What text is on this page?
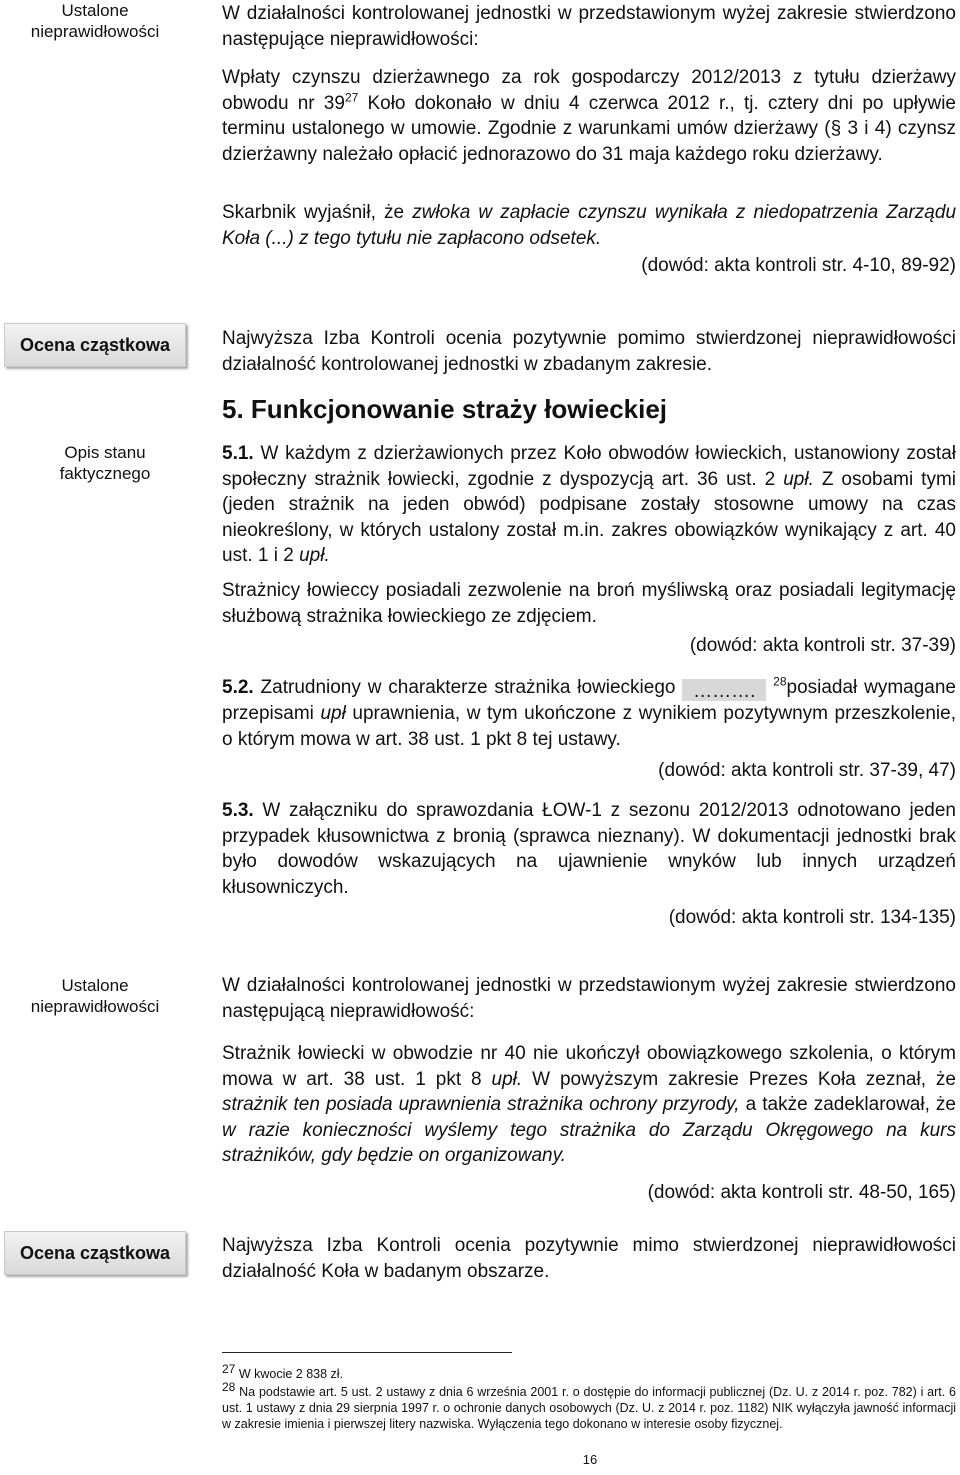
Ustalone nieprawidłowości
Ocena cząstkowa
Opis stanu faktycznego
Ustalone nieprawidłowości
Ocena cząstkowa

W działalności kontrolowanej jednostki w przedstawionym wyżej zakresie stwierdzono następujące nieprawidłowości:

Wpłaty czynszu dzierżawnego za rok gospodarczy 2012/2013 z tytułu dzierżawy obwodu nr $39^{27}$ Koło dokonało w dniu 4 czerwca 2012 r., tj. cztery dni po upływie terminu ustalonego w umowie. Zgodnie z warunkami umów dzierżawy (§ 3 i 4) czynsz dzierżawny należało opłacić jednorazowo do 31 maja każdego roku dzierżawy.

Skarbnik wyjaśnił, że zwłoka w zapłacie czynszu wynikała z niedopatrzenia Zarządu Koła (...) z tego tytułu nie zapłacono odsetek.

(dowód: akta kontroli str. 4-10, 89-92)

Najwyższa Izba Kontroli ocenia pozytywnie pomimo stwierdzonej nieprawidłowości działalność kontrolowanej jednostki w zbadanym zakresie.

5. Funkcjonowanie straży łowieckiej

5.1. W każdym z dzierżawionych przez Koło obwodów łowieckich, ustanowiony został społeczny strażnik łowiecki, zgodnie z dyspozycją art. 36 ust. 2 upł. Z osobami tymi (jeden strażnik na jeden obwód) podpisane zostały stosowne umowy na czas nieokreślony, w których ustalony został m.in. zakres obowiązków wynikający z art. 40 ust. 1 i 2 upł.

Strażnicy łowieccy posiadali zezwolenie na broń myśliwską oraz posiadali legitymację służbową strażnika łowieckiego ze zdjęciem.

(dowód: akta kontroli str. 37-39)

5.2. Zatrudniony w charakterze strażnika łowieckiego ………. $^{28}$posiadał wymagane przepisami upł uprawnienia, w tym ukończone z wynikiem pozytywnym przeszkolenie, o którym mowa w art. 38 ust. 1 pkt 8 tej ustawy.

(dowód: akta kontroli str. 37-39, 47)

5.3. W załączniku do sprawozdania ŁOW-1 z sezonu 2012/2013 odnotowano jeden przypadek kłusownictwa z bronią (sprawca nieznany). W dokumentacji jednostki brak było dowodów wskazujących na ujawnienie wnyków lub innych urządzeń kłusowniczych.

(dowód: akta kontroli str. 134-135)

W działalności kontrolowanej jednostki w przedstawionym wyżej zakresie stwierdzono następującą nieprawidłowość:

Strażnik łowiecki w obwodzie nr 40 nie ukończył obowiązkowego szkolenia, o którym mowa w art. 38 ust. 1 pkt 8 upł. W powyższym zakresie Prezes Koła zeznał, że strażnik ten posiada uprawnienia strażnika ochrony przyrody, a także zadeklarował, że w razie konieczności wyślemy tego strażnika do Zarządu Okręgowego na kurs strażników, gdy będzie on organizowany.

(dowód: akta kontroli str. 48-50, 165)

Najwyższa Izba Kontroli ocenia pozytywnie mimo stwierdzonej nieprawidłowości działalność Koła w badanym obszarze.

$^{27}$ W kwocie 2 838 zł.

$^{28}$ Na podstawie art. 5 ust. 2 ustawy z dnia 6 września 2001 r. o dostępie do informacji publicznej (Dz. U. z 2014 r. poz. 782) i art. 6 ust. 1 ustawy z dnia 29 sierpnia 1997 r. o ochronie danych osobowych (Dz. U. z 2014 r. poz. 1182) NIK wyłączyła jawność informacji w zakresie imienia i pierwszej litery nazwiska. Wyłączenia tego dokonano w interesie osoby fizycznej.

16
